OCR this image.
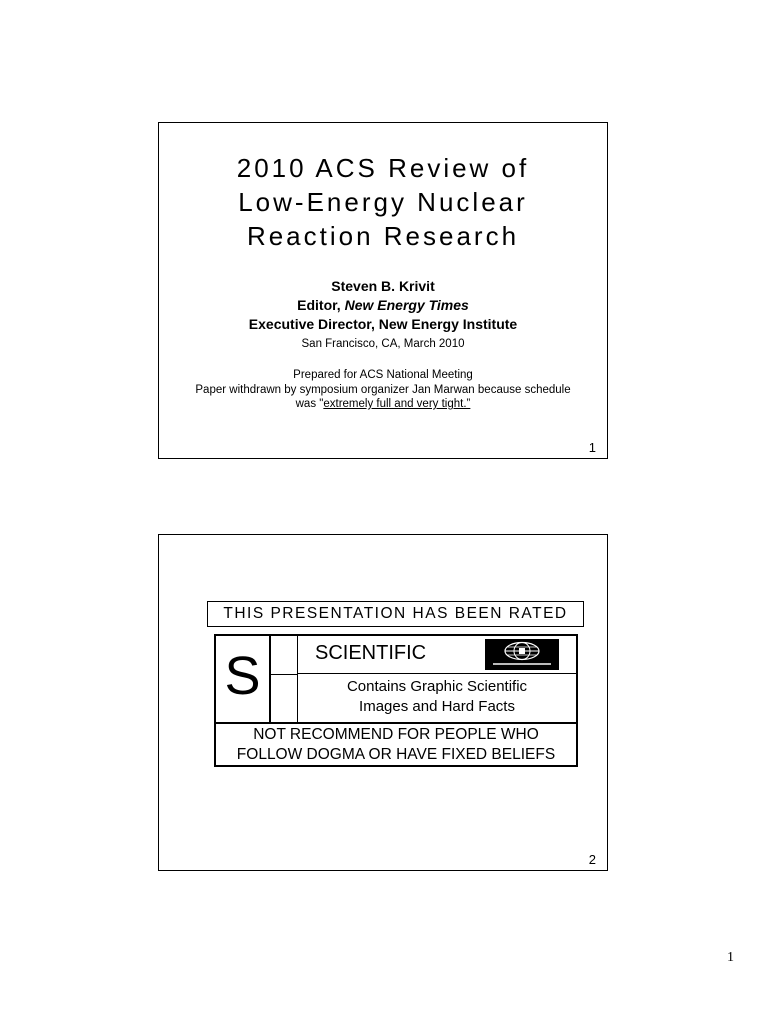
2010 ACS Review of
Low-Energy Nuclear
Reaction Research
Steven B. Krivit
Editor, New Energy Times
Executive Director, New Energy Institute
San Francisco, CA, March 2010
Prepared for ACS National Meeting
Paper withdrawn by symposium organizer Jan Marwan because schedule
was "extremely full and very tight.”
1
THIS PRESENTATION HAS BEEN RATED
S	SCIENTIFIC
Contains Graphic Scientific
Images and Hard Facts
NOT RECOMMEND FOR PEOPLE WHO
FOLLOW DOGMA OR HAVE FIXED BELIEFS
2
1
